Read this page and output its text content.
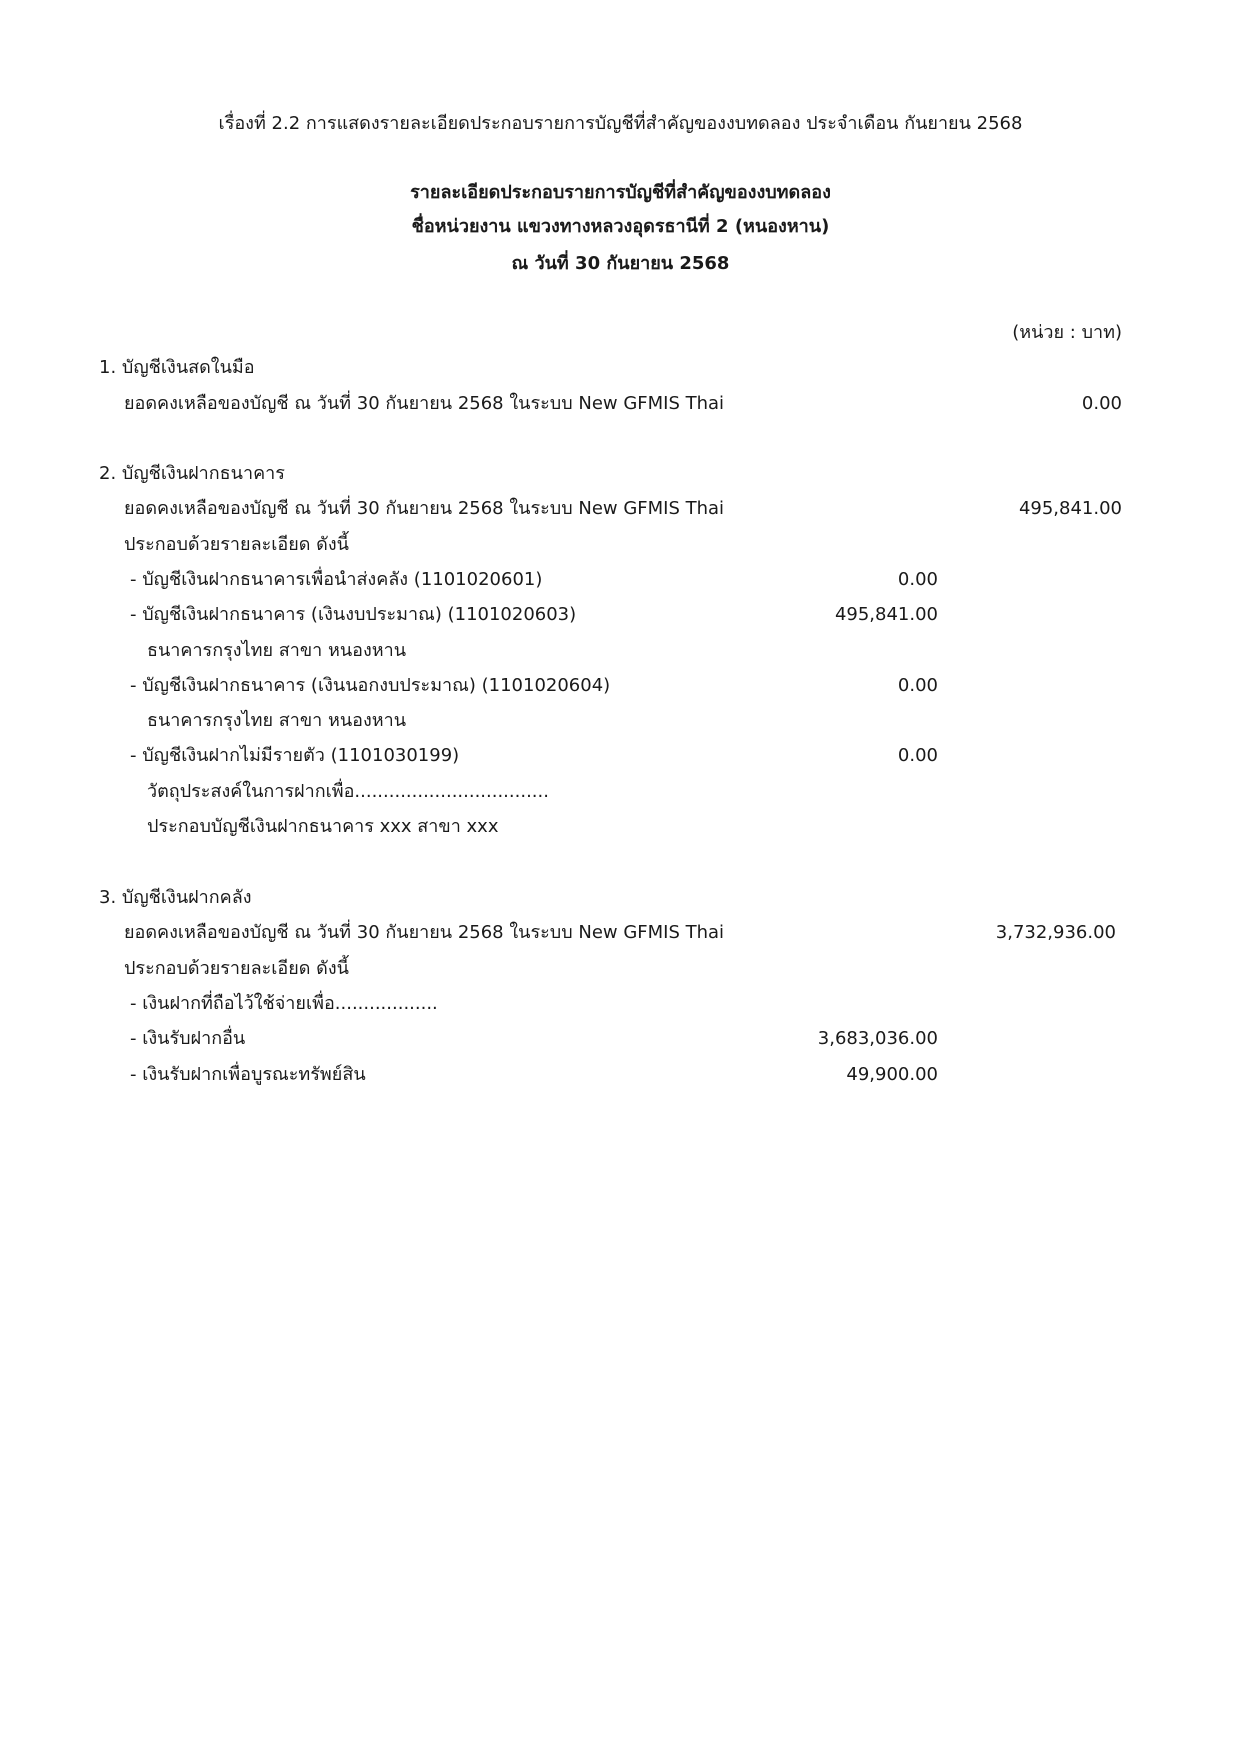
เรื่องที่ 2.2 การแสดงรายละเอียดประกอบรายการบัญชีที่สำคัญของงบทดลอง ประจำเดือน กันยายน 2568
รายละเอียดประกอบรายการบัญชีที่สำคัญของงบทดลอง
ชื่อหน่วยงาน แขวงทางหลวงอุดรธานีที่ 2 (หนองหาน)
ณ วันที่ 30 กันยายน 2568
(หน่วย : บาท)
1. บัญชีเงินสดในมือ
ยอดคงเหลือของบัญชี ณ วันที่ 30 กันยายน 2568 ในระบบ New GFMIS Thai	0.00
2. บัญชีเงินฝากธนาคาร
ยอดคงเหลือของบัญชี ณ วันที่ 30 กันยายน 2568 ในระบบ New GFMIS Thai	495,841.00
ประกอบด้วยรายละเอียด ดังนี้
- บัญชีเงินฝากธนาคารเพื่อนำส่งคลัง (1101020601)	0.00
- บัญชีเงินฝากธนาคาร (เงินงบประมาณ) (1101020603)	495,841.00
ธนาคารกรุงไทย สาขา หนองหาน
- บัญชีเงินฝากธนาคาร (เงินนอกงบประมาณ) (1101020604)	0.00
ธนาคารกรุงไทย สาขา หนองหาน
- บัญชีเงินฝากไม่มีรายตัว (1101030199)	0.00
วัตถุประสงค์ในการฝากเพื่อ..................................
ประกอบบัญชีเงินฝากธนาคาร xxx สาขา xxx
3. บัญชีเงินฝากคลัง
ยอดคงเหลือของบัญชี ณ วันที่ 30 กันยายน 2568 ในระบบ New GFMIS Thai	3,732,936.00
ประกอบด้วยรายละเอียด ดังนี้
- เงินฝากที่ถือไว้ใช้จ่ายเพื่อ..................
- เงินรับฝากอื่น	3,683,036.00
- เงินรับฝากเพื่อบูรณะทรัพย์สิน	49,900.00
